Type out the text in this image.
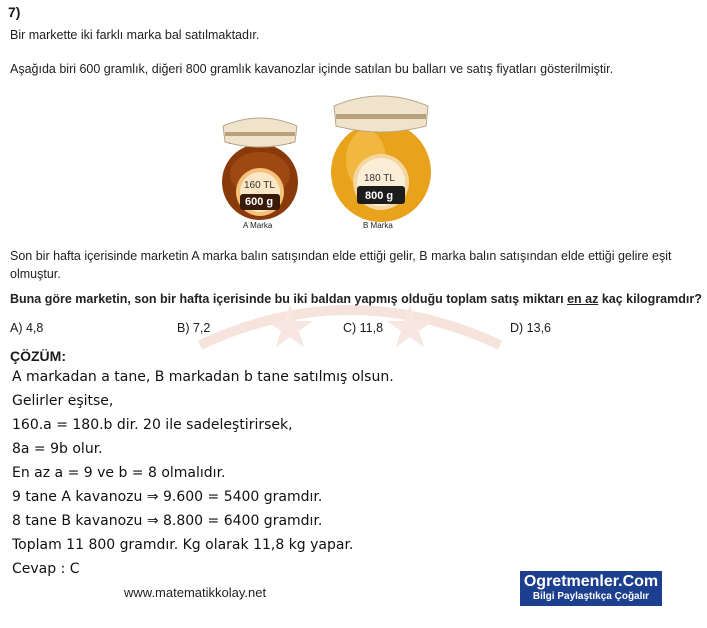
7)
Bir markette iki farklı marka bal satılmaktadır.
Aşağıda biri 600 gramlık, diğeri 800 gramlık kavanozlar içinde satılan bu balları ve satış fiyatları gösterilmiştir.
160 TL
600 g
A Marka
180 TL
800 g
B Marka
Son bir hafta içerisinde marketin A marka balın satışından elde ettiği gelir, B marka balın satışından elde ettiği gelire eşit
olmuştur.
Buna göre marketin, son bir hafta içerisinde bu iki baldan yapmış olduğu toplam satış miktarı en az kaç kilogramdır?
A) 4,8	B) 7,2	C) 11,8	D) 13,6
ÇÖZÜM:
A markadan a tane, B markadan b tane satılmış olsun.
Gelirler eşitse,
160.a = 180.b dir. 20 ile sadeleştirirsek,
8a = 9b olur.
En az a = 9 ve b = 8 olmalıdır.
9 tane A kavanozu ⇒ 9.600 = 5400 gramdır.
8 tane B kavanozu ⇒ 8.800 = 6400 gramdır.
Toplam 11 800 gramdır. Kg olarak 11,8 kg yapar.
Cevap : C
www.matematikkolay.net
Ogretmenler.Com
Bilgi Paylaştıkça Çoğalır
